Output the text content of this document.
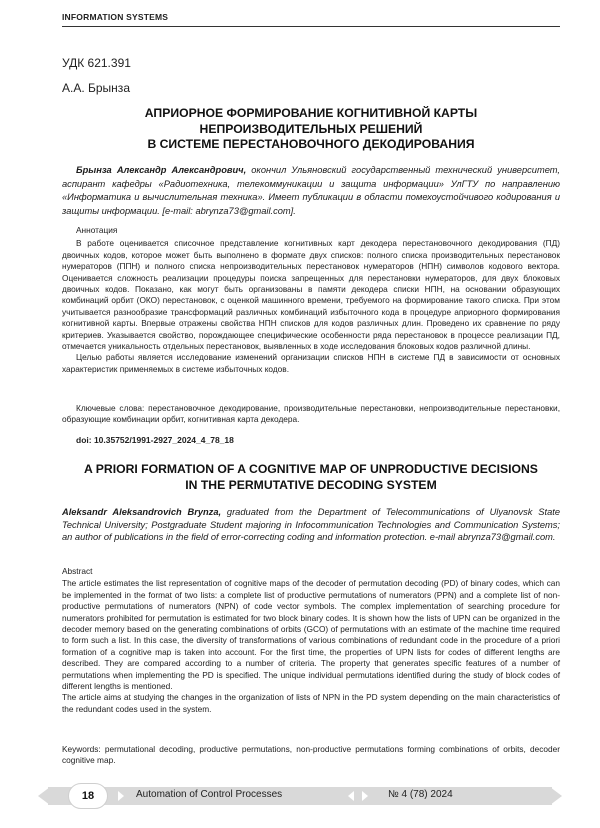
INFORMATION SYSTEMS
УДК 621.391
А.А. Брынза
АПРИОРНОЕ ФОРМИРОВАНИЕ КОГНИТИВНОЙ КАРТЫ
НЕПРОИЗВОДИТЕЛЬНЫХ РЕШЕНИЙ
В СИСТЕМЕ ПЕРЕСТАНОВОЧНОГО ДЕКОДИРОВАНИЯ
Брынза Александр Александрович, окончил Ульяновский государственный технический университет, аспирант кафедры «Радиотехника, телекоммуникации и защита информации» УлГТУ по направлению «Информатика и вычислительная техника». Имеет публикации в области помехоустойчивого кодирования и защиты информации. [e-mail: abrynza73@gmail.com].
Аннотация
В работе оценивается списочное представление когнитивных карт декодера перестановочного декодирования (ПД) двоичных кодов, которое может быть выполнено в формате двух списков: полного списка производительных перестановок нумераторов (ППН) и полного списка непроизводительных перестановок нумераторов (НПН) символов кодового вектора. Оценивается сложность реализации процедуры поиска запрещенных для перестановки нумераторов, для двух блоковых двоичных кодов. Показано, как могут быть организованы в памяти декодера списки НПН, на основании образующих комбинаций орбит (ОКО) перестановок, с оценкой машинного времени, требуемого на формирование такого списка. При этом учитывается разнообразие трансформаций различных комбинаций избыточного кода в процедуре априорного формирования когнитивной карты. Впервые отражены свойства НПН списков для кодов различных длин. Проведено их сравнение по ряду критериев. Указывается свойство, порождающее специфические особенности ряда перестановок в процессе реализации ПД, отмечается уникальность отдельных перестановок, выявленных в ходе исследования блоковых кодов различной длины.
Целью работы является исследование изменений организации списков НПН в системе ПД в зависимости от основных характеристик применяемых в системе избыточных кодов.
Ключевые слова: перестановочное декодирование, производительные перестановки, непроизводительные перестановки, образующие комбинации орбит, когнитивная карта декодера.
doi: 10.35752/1991-2927_2024_4_78_18
A PRIORI FORMATION OF A COGNITIVE MAP OF UNPRODUCTIVE DECISIONS
IN THE PERMUTATIVE DECODING SYSTEM
Aleksandr Aleksandrovich Brynza, graduated from the Department of Telecommunications of Ulyanovsk State Technical University; Postgraduate Student majoring in Infocommunication Technologies and Communication Systems; an author of publications in the field of error-correcting coding and information protection. e-mail abrynza73@gmail.com.
Abstract
The article estimates the list representation of cognitive maps of the decoder of permutation decoding (PD) of binary codes, which can be implemented in the format of two lists: a complete list of productive permutations of numerators (PPN) and a complete list of non-productive permutations of numerators (NPN) of code vector symbols. The complex implementation of searching procedure for numerators prohibited for permutation is estimated for two block binary codes. It is shown how the lists of UPN can be organized in the decoder memory based on the generating combinations of orbits (GCO) of permutations with an estimate of the machine time required to form such a list. In this case, the diversity of transformations of various combinations of redundant code in the procedure of a priori formation of a cognitive map is taken into account. For the first time, the properties of UPN lists for codes of different lengths are described. They are compared according to a number of criteria. The property that generates specific features of a number of permutations when implementing the PD is specified. The unique individual permutations identified during the study of block codes of different lengths is mentioned.
The article aims at studying the changes in the organization of lists of NPN in the PD system depending on the main characteristics of the redundant codes used in the system.
Keywords: permutational decoding, productive permutations, non-productive permutations forming combinations of orbits, decoder cognitive map.
18	Automation of Control Processes	№ 4 (78) 2024
